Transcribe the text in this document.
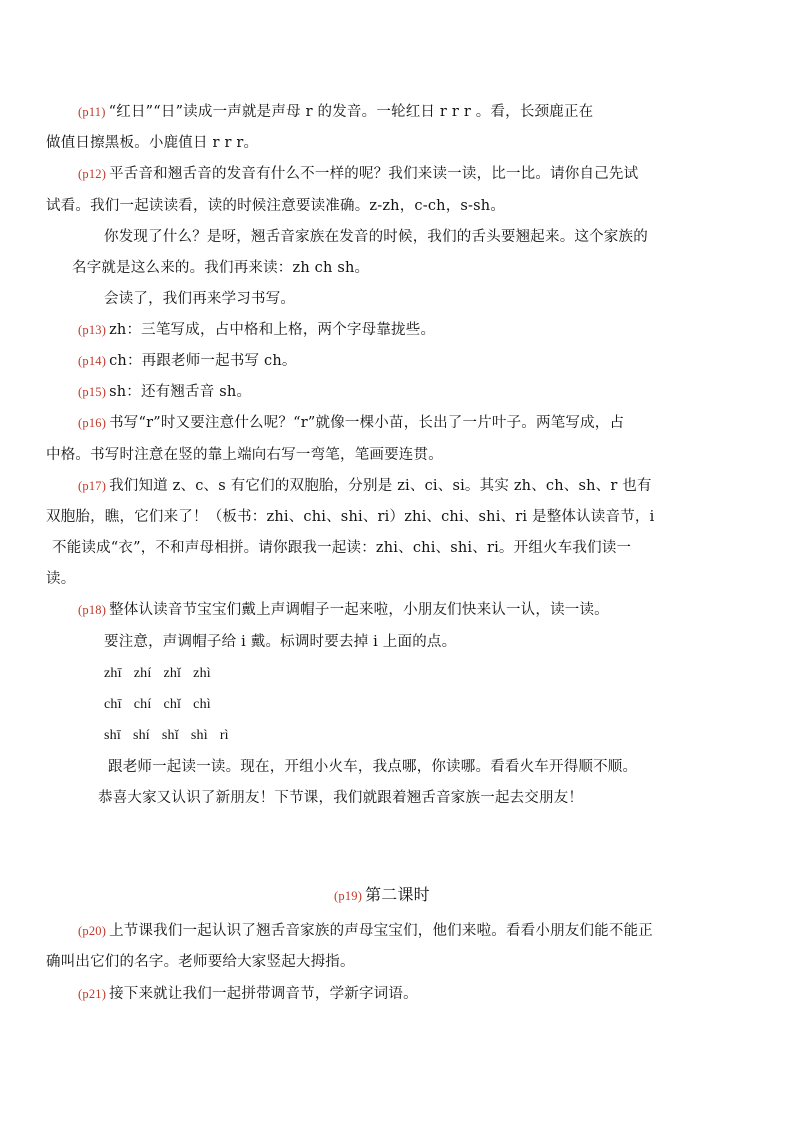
(p11) “红日”“日”读成一声就是声母 r 的发音。一轮红日 r r r 。看，长颈鹿正在
做值日擦黑板。小鹿值日 r r r。
(p12) 平舌音和翘舌音的发音有什么不一样的呢？我们来读一读，比一比。请你自己先试
试看。我们一起读读看，读的时候注意要读准确。z-zh，c-ch，s-sh。
你发现了什么？是呀，翘舌音家族在发音的时候，我们的舌头要翘起来。这个家族的
名字就是这么来的。我们再来读：zh ch sh。
会读了，我们再来学习书写。
(p13) zh：三笔写成，占中格和上格，两个字母靠拢些。
(p14) ch：再跟老师一起书写 ch。
(p15) sh：还有翘舌音 sh。
(p16) 书写“r”时又要注意什么呢？“r”就像一棵小苗，长出了一片叶子。两笔写成，占
中格。书写时注意在竖的靠上端向右写一弯笔，笔画要连贯。
(p17) 我们知道 z、c、s 有它们的双胞胎，分别是 zi、ci、si。其实 zh、ch、sh、r 也有
双胞胎，瞧，它们来了！（板书：zhi、chi、shi、ri）zhi、chi、shi、ri 是整体认读音节，i
不能读成“衣”，不和声母相拼。请你跟我一起读：zhi、chi、shi、ri。开组火车我们读一
读。
(p18) 整体认读音节宝宝们戴上声调帽子一起来啦，小朋友们快来认一认，读一读。
要注意，声调帽子给 i 戴。标调时要去掉 i 上面的点。
zhī zhí zhǐ zhì
chī chí chǐ chì
shī shí shǐ shì rì
跟老师一起读一读。现在，开组小火车，我点哪，你读哪。看看火车开得顺不顺。
恭喜大家又认识了新朋友！下节课，我们就跟着翘舌音家族一起去交朋友！
(p19) 第二课时
(p20) 上节课我们一起认识了翘舌音家族的声母宝宝们，他们来啦。看看小朋友们能不能正
确叫出它们的名字。老师要给大家竖起大拇指。
(p21) 接下来就让我们一起拼带调音节，学新字词语。
